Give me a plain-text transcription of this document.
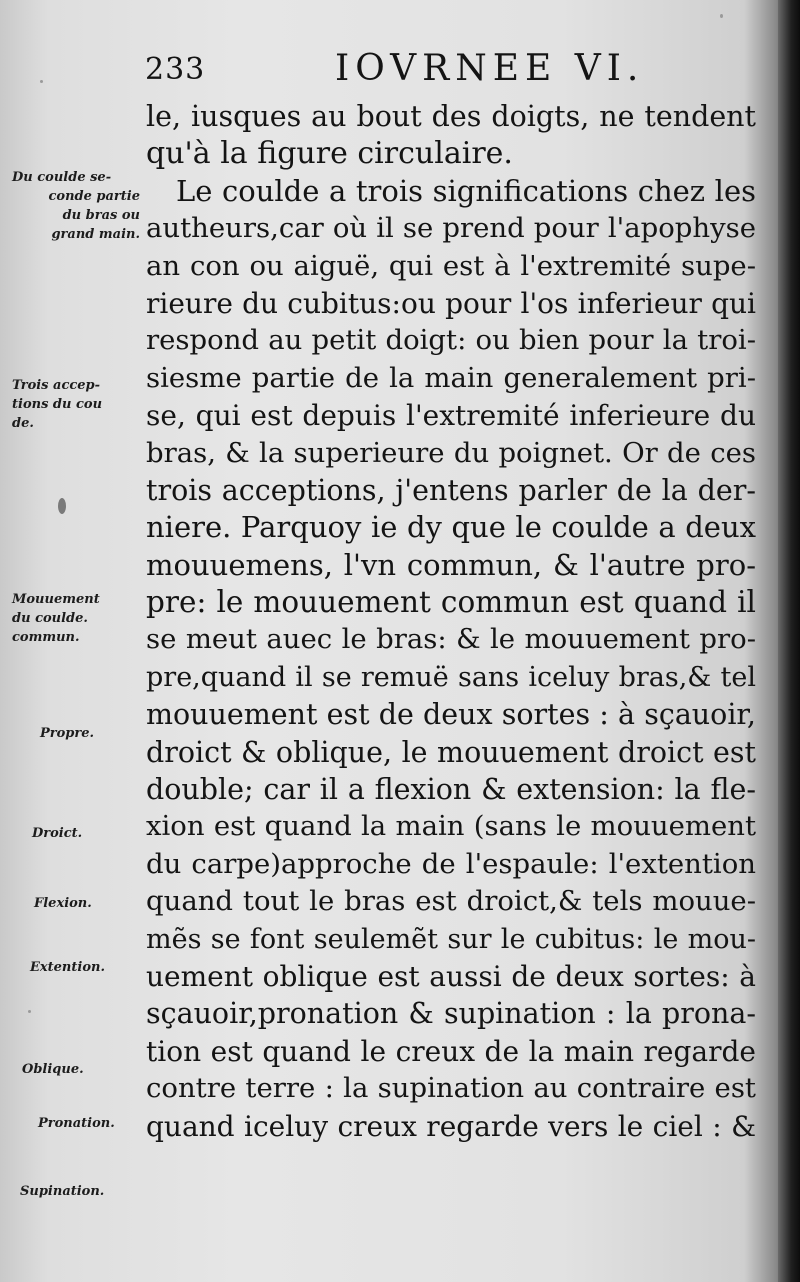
233	IOVRNEE VI.
le, iusques au bout des doigts, ne tendent
qu'à la figure circulaire.
Le coulde a trois significations chez les
autheurs,car où il se prend pour l'apophyse
an con ou aiguë, qui est à l'extremité supe-
rieure du cubitus:ou pour l'os inferieur qui
respond au petit doigt: ou bien pour la troi-
siesme partie de la main generalement pri-
se, qui est depuis l'extremité inferieure du
bras, & la superieure du poignet. Or de ces
trois acceptions, j'entens parler de la der-
niere. Parquoy ie dy que le coulde a deux
mouuemens, l'vn commun, & l'autre pro-
pre: le mouuement commun est quand il
se meut auec le bras: & le mouuement pro-
pre,quand il se remuë sans iceluy bras,& tel
mouuement est de deux sortes : à sçauoir,
droict & oblique, le mouuement droict est
double; car il a flexion & extension: la fle-
xion est quand la main (sans le mouuement
du carpe)approche de l'espaule: l'extention
quand tout le bras est droict,& tels mouue-
mẽs se font seulemẽt sur le cubitus: le mou-
uement oblique est aussi de deux sortes: à
sçauoir,pronation & supination : la prona-
tion est quand le creux de la main regarde
contre terre : la supination au contraire est
quand iceluy creux regarde vers le ciel : &
Du coulde se-
conde partie
du bras ou
grand main.
Trois accep-
tions du cou
de.
Mouuement
du coulde.
commun.
Propre.
Droict.
Flexion.
Extention.
Oblique.
Pronation.
Supination.
